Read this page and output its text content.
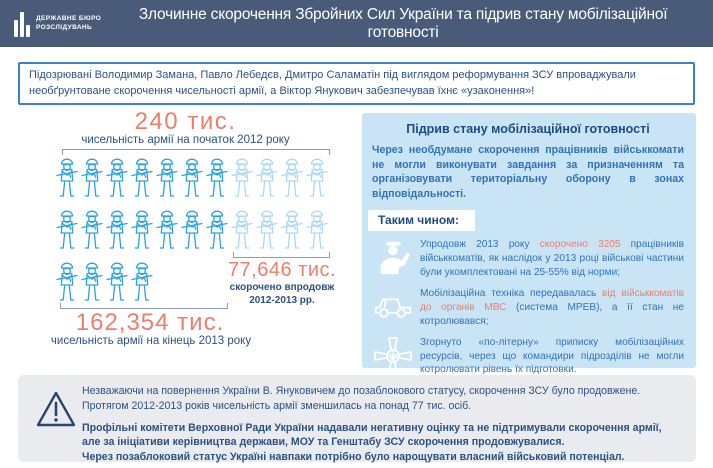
ДЕРЖАВНЕ БЮРО
РОЗСЛІДУВАНЬ
Злочинне скорочення Збройних Сил України та підрив стану мобілізаційної готовності
Підозрювані Володимир Замана, Павло Лебедєв, Дмитро Саламатін під виглядом реформування ЗСУ впроваджували необґрунтоване скорочення чисельності армії, а Віктор Янукович забезпечував їхнє «узаконення»!
240 тис.
чисельність армії на початок 2012 року
77,646 тис.
скорочено впродовж
2012-2013 рр.
162,354 тис.
чисельність армії на кінець 2013 року
Підрив стану мобілізаційної готовності
Через необдумане скорочення працівників військкомати не могли виконувати завдання за призначенням та організовувати територіальну оборону в зонах відповідальності.
Таким чином:
Упродовж 2013 року скорочено 3205 працівників військкоматів, як наслідок у 2013 році військові частини були укомплектовані на 25-55% від норми;
Мобілізаційна техніка передавалась від військкоматів до органів МВС (система МРЕВ), а її стан не котролювався;
Згорнуто «по-літерну» приписку мобілізаційних ресурсів, через що командири підрозділів не могли котролювати рівень їх підготовки.
Незважаючи на повернення України В. Януковичем до позаблокового статусу, скорочення ЗСУ було продовжене.
Протягом 2012-2013 років чисельність армії зменшилась на понад 77 тис. осіб.
Профільні комітети Верховної Ради України надавали негативну оцінку та не підтримували скорочення армії, але за ініціативи керівництва держави, МОУ та Генштабу ЗСУ скорочення продовжувалися.
Через позаблоковий статус Україні навпаки потрібно було нарощувати власний військовий потенціал.
